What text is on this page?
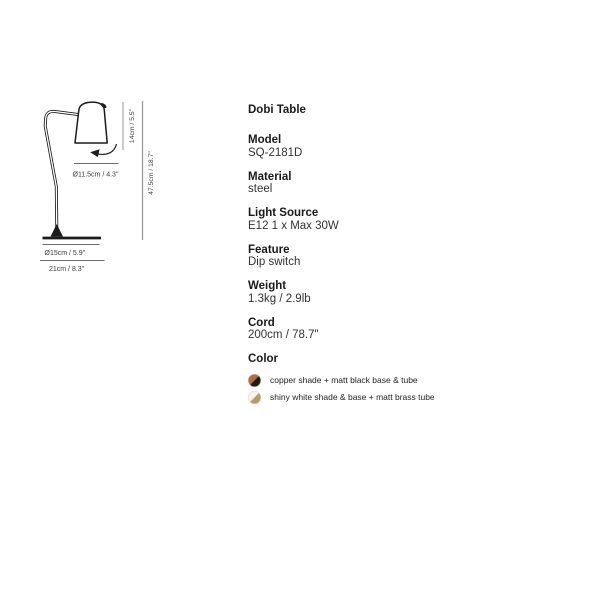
47.5cm / 18.7"
14cm / 5.5"
Ø11.5cm / 4.3"
Ø15cm / 5.9"
21cm / 8.3"
Dobi Table
Model
SQ-2181D
Material
steel
Light Source
E12 1 x Max 30W
Feature
Dip switch
Weight
1.3kg / 2.9lb
Cord
200cm / 78.7"
Color
copper shade + matt black base & tube
shiny white shade & base + matt brass tube
